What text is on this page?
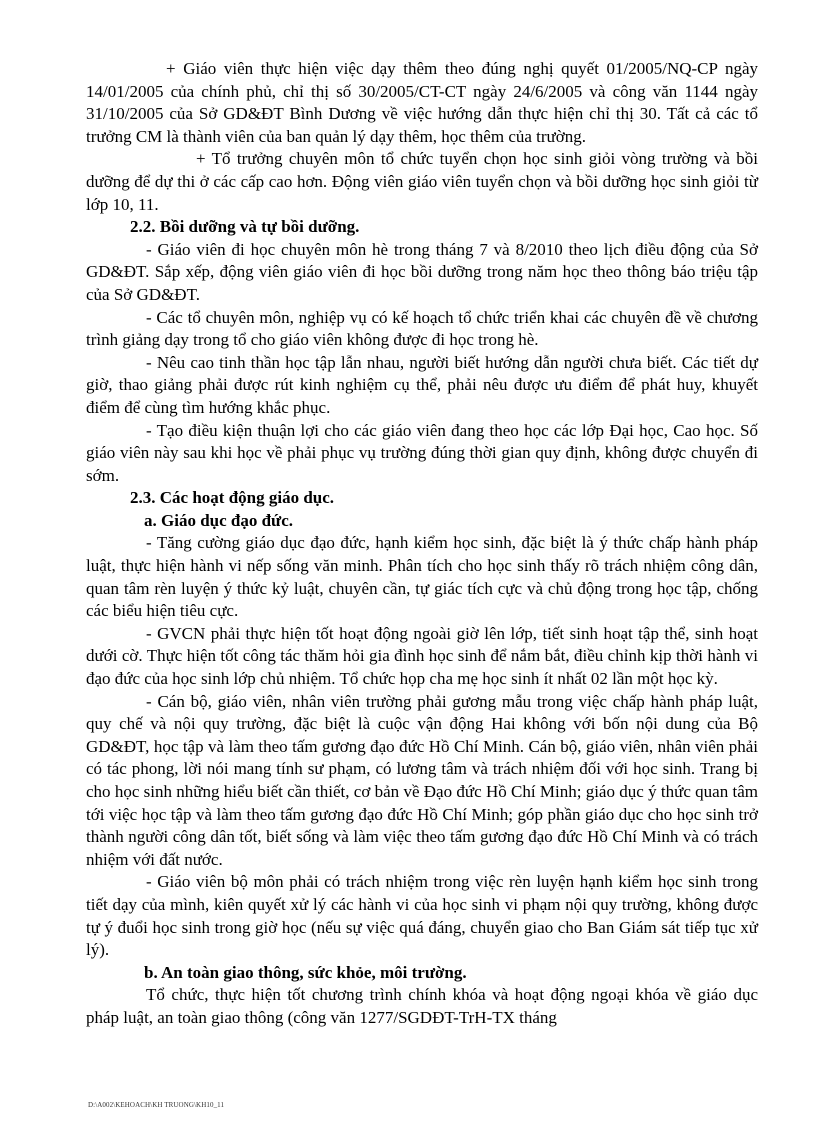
+ Giáo viên thực hiện việc dạy thêm theo đúng nghị quyết 01/2005/NQ-CP ngày 14/01/2005 của chính phủ, chỉ thị số 30/2005/CT-CT ngày 24/6/2005 và công văn 1144 ngày 31/10/2005 của Sở GD&ĐT Bình Dương về việc hướng dẫn thực hiện chỉ thị 30. Tất cả các tổ trưởng CM là thành viên của ban quản lý dạy thêm, học thêm của trường.

+ Tổ trưởng chuyên môn tổ chức tuyển chọn học sinh giỏi vòng trường và bồi dưỡng để dự thi ở các cấp cao hơn. Động viên giáo viên tuyển chọn và bồi dưỡng học sinh giỏi từ lớp 10, 11.

2.2. Bồi dưỡng và tự bồi dưỡng.

- Giáo viên đi học chuyên môn hè trong tháng 7 và 8/2010 theo lịch điều động của Sở GD&ĐT. Sắp xếp, động viên giáo viên đi học bồi dưỡng trong năm học theo thông báo triệu tập của Sở GD&ĐT.

- Các tổ chuyên môn, nghiệp vụ có kế hoạch tổ chức triển khai các chuyên đề về chương trình giảng dạy trong tổ cho giáo viên không được đi học trong hè.

- Nêu cao tinh thần học tập lẫn nhau, người biết hướng dẫn người chưa biết. Các tiết dự giờ, thao giảng phải được rút kinh nghiệm cụ thể, phải nêu được ưu điểm để phát huy, khuyết điểm để cùng tìm hướng khắc phục.

- Tạo điều kiện thuận lợi cho các giáo viên đang theo học các lớp Đại học, Cao học. Số giáo viên này sau khi học về phải phục vụ trường đúng thời gian quy định, không được chuyển đi sớm.

2.3. Các hoạt động giáo dục.

a. Giáo dục đạo đức.

- Tăng cường giáo dục đạo đức, hạnh kiểm học sinh, đặc biệt là ý thức chấp hành pháp luật, thực hiện hành vi nếp sống văn minh. Phân tích cho học sinh thấy rõ trách nhiệm công dân, quan tâm rèn luyện ý thức kỷ luật, chuyên cần, tự giác tích cực và chủ động trong học tập, chống các biểu hiện tiêu cực.

- GVCN phải thực hiện tốt hoạt động ngoài giờ lên lớp, tiết sinh hoạt tập thể, sinh hoạt dưới cờ. Thực hiện tốt công tác thăm hỏi gia đình học sinh để nắm bắt, điều chỉnh kịp thời hành vi đạo đức của học sinh lớp chủ nhiệm. Tổ chức họp cha mẹ học sinh ít nhất 02 lần một học kỳ.

- Cán bộ, giáo viên, nhân viên trường phải gương mẫu trong việc chấp hành pháp luật, quy chế và nội quy trường, đặc biệt là cuộc vận động Hai không với bốn nội dung của Bộ GD&ĐT, học tập và làm theo tấm gương đạo đức Hồ Chí Minh. Cán bộ, giáo viên, nhân viên phải có tác phong, lời nói mang tính sư phạm, có lương tâm và trách nhiệm đối với học sinh. Trang bị cho học sinh những hiểu biết cần thiết, cơ bản về Đạo đức Hồ Chí Minh; giáo dục ý thức quan tâm tới việc học tập và làm theo tấm gương đạo đức Hồ Chí Minh; góp phần giáo dục cho học sinh trở thành người công dân tốt, biết sống và làm việc theo tấm gương đạo đức Hồ Chí Minh và có trách nhiệm với đất nước.

- Giáo viên bộ môn phải có trách nhiệm trong việc rèn luyện hạnh kiểm học sinh trong tiết dạy của mình, kiên quyết xử lý các hành vi của học sinh vi phạm nội quy trường, không được tự ý đuổi học sinh trong giờ học (nếu sự việc quá đáng, chuyển giao cho Ban Giám sát tiếp tục xử lý).

b. An toàn giao thông, sức khỏe, môi trường.

Tổ chức, thực hiện tốt chương trình chính khóa và hoạt động ngoại khóa về giáo dục pháp luật, an toàn giao thông (công văn 1277/SGDĐT-TrH-TX tháng

D:\A002\KEHOACH\KH TRUONG\KH10_11
